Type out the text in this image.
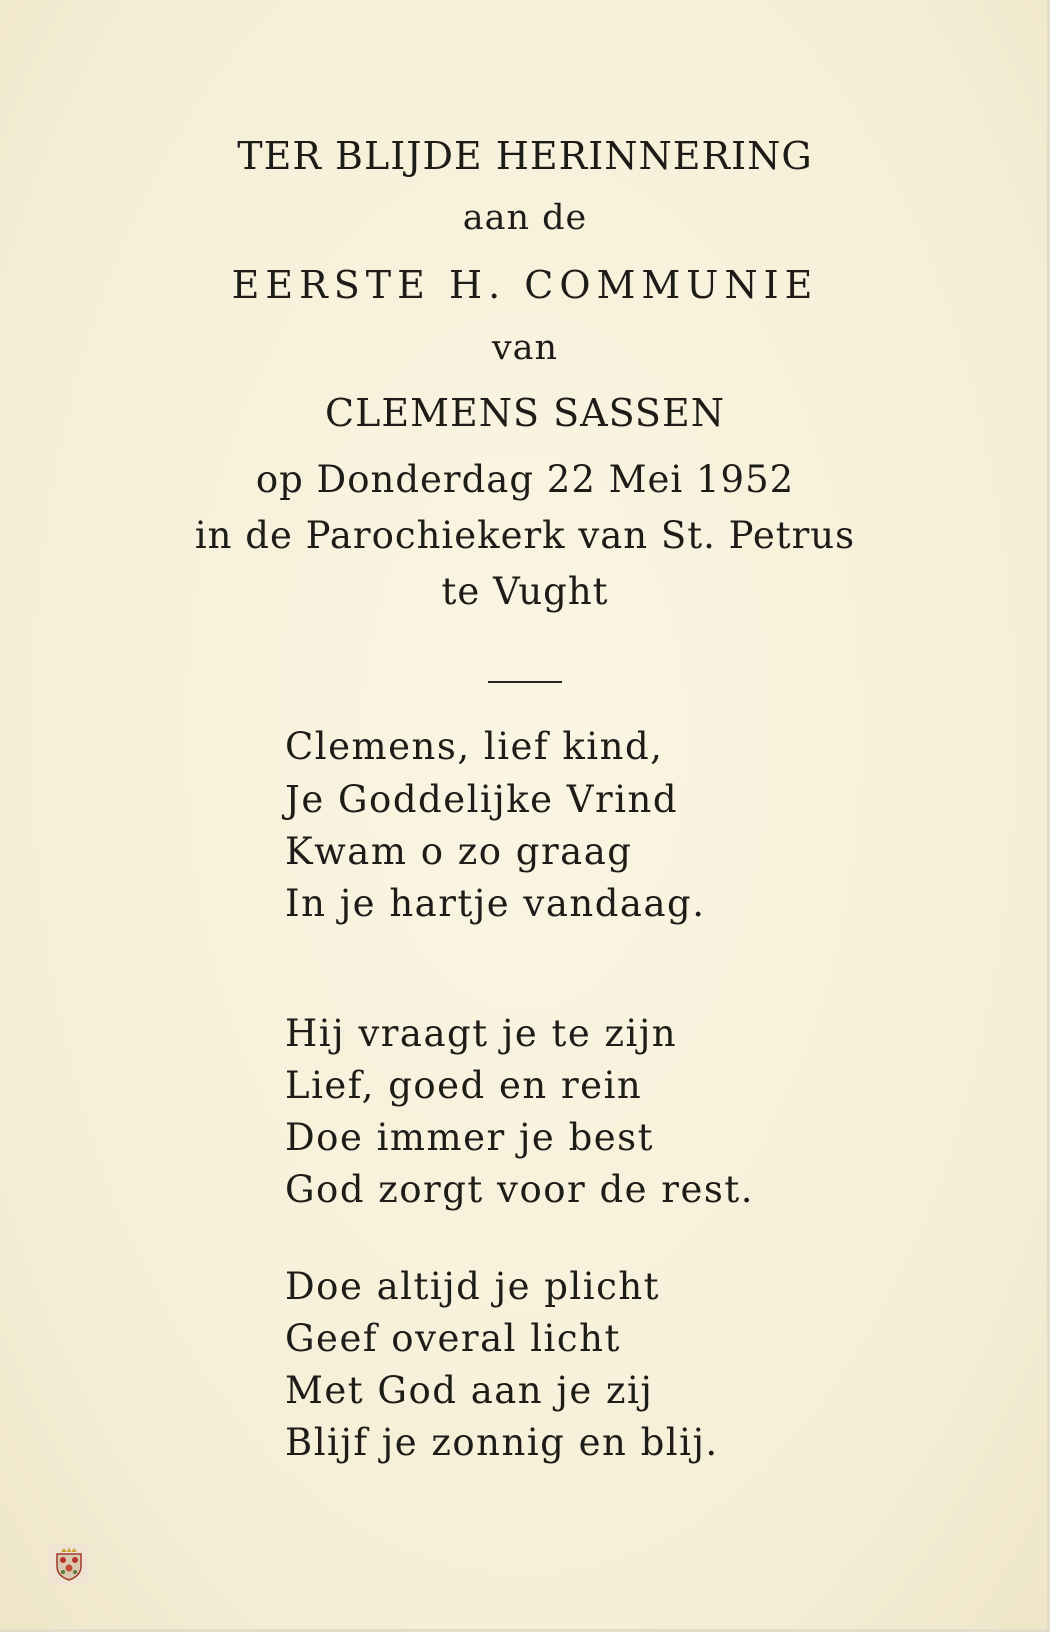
TER BLIJDE HERINNERING
aan de
EERSTE H. COMMUNIE
van
CLEMENS SASSEN
op Donderdag 22 Mei 1952
in de Parochiekerk van St. Petrus
te Vught
Clemens, lief kind,
Je Goddelijke Vrind
Kwam o zo graag
In je hartje vandaag.
Hij vraagt je te zijn
Lief, goed en rein
Doe immer je best
God zorgt voor de rest.
Doe altijd je plicht
Geef overal licht
Met God aan je zij
Blijf je zonnig en blij.
